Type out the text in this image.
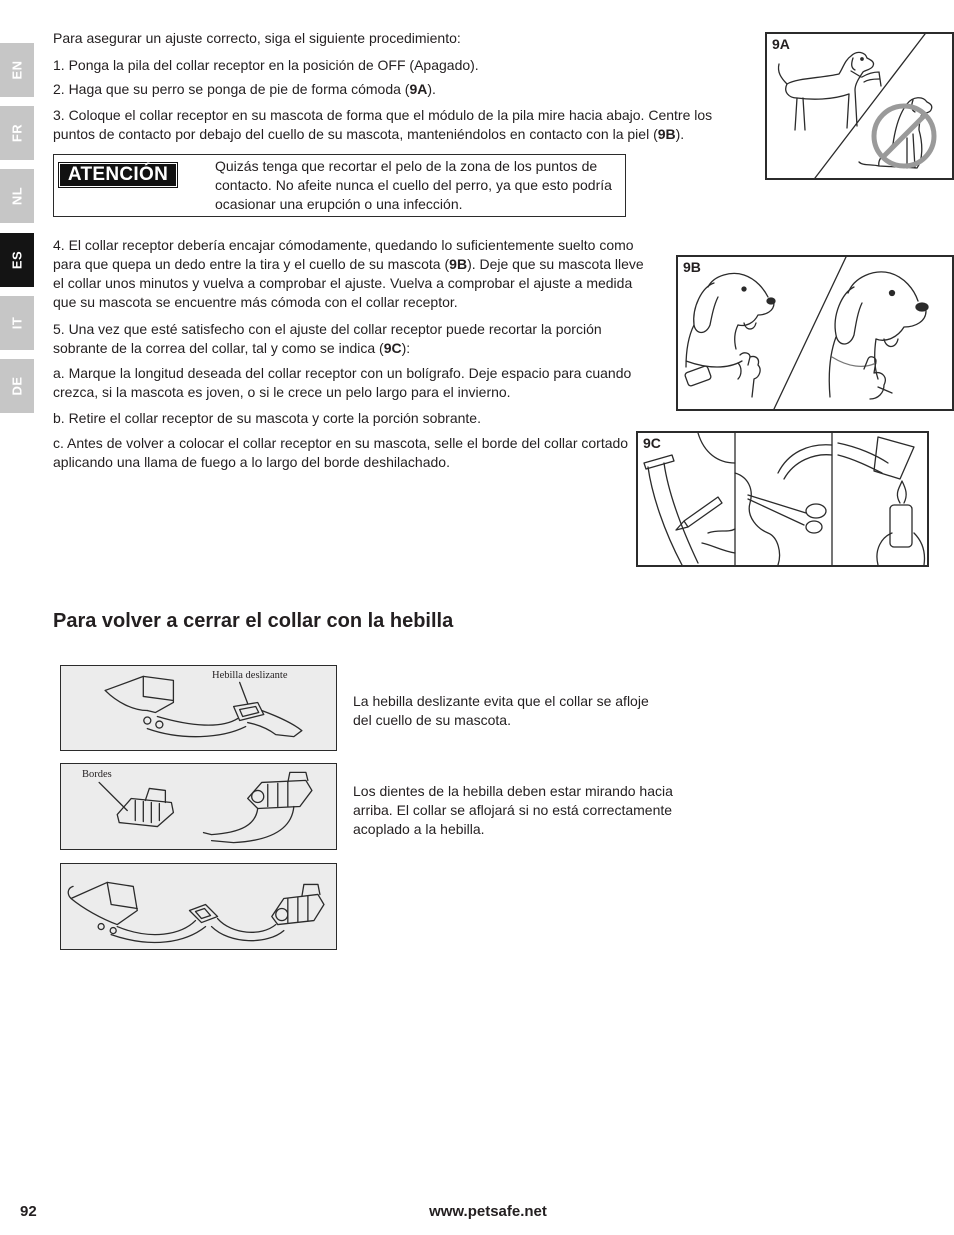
EN
FR
NL
ES
IT
DE

Para asegurar un ajuste correcto, siga el siguiente procedimiento:

1. Ponga la pila del collar receptor en la posición de OFF (Apagado).

2. Haga que su perro se ponga de pie de forma cómoda (9A).

3. Coloque el collar receptor en su mascota de forma que el módulo de la pila mire hacia abajo. Centre los puntos de contacto por debajo del cuello de su mascota, manteniéndolos en contacto con la piel (9B).

ATENCIÓN	Quizás tenga que recortar el pelo de la zona de los puntos de contacto. No afeite nunca el cuello del perro, ya que esto podría ocasionar una erupción o una infección.

4. El collar receptor debería encajar cómodamente, quedando lo suficientemente suelto como para que quepa un dedo entre la tira y el cuello de su mascota (9B). Deje que su mascota lleve el collar unos minutos y vuelva a comprobar el ajuste. Vuelva a comprobar el ajuste a medida que su mascota se encuentre más cómoda con el collar receptor.

5. Una vez que esté satisfecho con el ajuste del collar receptor puede recortar la porción sobrante de la correa del collar, tal y como se indica (9C):

a. Marque la longitud deseada del collar receptor con un bolígrafo. Deje espacio para cuando crezca, si la mascota es joven, o si le crece un pelo largo para el invierno.

b. Retire el collar receptor de su mascota y corte la porción sobrante.

c. Antes de volver a colocar el collar receptor en su mascota, selle el borde del collar cortado aplicando una llama de fuego a lo largo del borde deshilachado.

9A
9B
9C
Para volver a cerrar el collar con la hebilla
Hebilla deslizante
Bordes

La hebilla deslizante evita que el collar se afloje del cuello de su mascota.

Los dientes de la hebilla deben estar mirando hacia arriba. El collar se aflojará si no está correctamente acoplado a la hebilla.

92	www.petsafe.net
